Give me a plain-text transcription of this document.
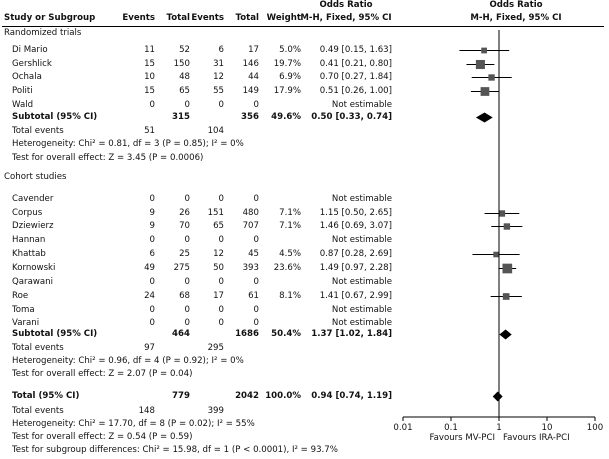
Odds Ratio	Odds Ratio
Study or Subgroup	Events Total Events Total Weight M-H, Fixed, 95% CI	M-H, Fixed, 95% CI
Randomized trials
Di Mario	11	52	6	17 5.0% 0.49 [0.15, 1.63]
Gershlick	15 150	31 146 19.7% 0.41 [0.21, 0.80]
Ochala	10	48	12	44 6.9% 0.70 [0.27, 1.84]
Politi	15	65	55 149 17.9% 0.51 [0.26, 1.00]
Wald	0	0	0	0	Not estimable
Subtotal (95% CI)	315	356 49.6% 0.50 [0.33, 0.74]
Total events	51	104
Heterogeneity: Chi² = 0.81, df = 3 (P = 0.85); I² = 0%
Test for overall effect: Z = 3.45 (P = 0.0006)
Cohort studies
Cavender	0	0	0	0	Not estimable
Corpus	9	26 151 480 7.1% 1.15 [0.50, 2.65]
Dziewierz	9	70	65 707 7.1% 1.46 [0.69, 3.07]
Hannan	0	0	0	0	Not estimable
Khattab	6	25	12	45 4.5% 0.87 [0.28, 2.69]
Kornowski	49 275	50 393 23.6% 1.49 [0.97, 2.28]
Qarawani	0	0	0	0	Not estimable
Roe	24	68	17	61 8.1% 1.41 [0.67, 2.99]
Toma	0	0	0	0	Not estimable
Varani	0	0	0	0	Not estimable
Subtotal (95% CI)	464	1686 50.4% 1.37 [1.02, 1.84]
Total events	97	295
Heterogeneity: Chi² = 0.96, df = 4 (P = 0.92); I² = 0%
Test for overall effect: Z = 2.07 (P = 0.04)
Total (95% CI)	779	2042 100.0% 0.94 [0.74, 1.19]
Total events	148	399
Heterogeneity: Chi² = 17.70, df = 8 (P = 0.02); I² = 55%
Test for overall effect: Z = 0.54 (P = 0.59)
Test for subgroup differences: Chi² = 15.98, df = 1 (P < 0.0001), I² = 93.7%
0.01	0.1	1	10	100
Favours MV-PCI Favours IRA-PCI
